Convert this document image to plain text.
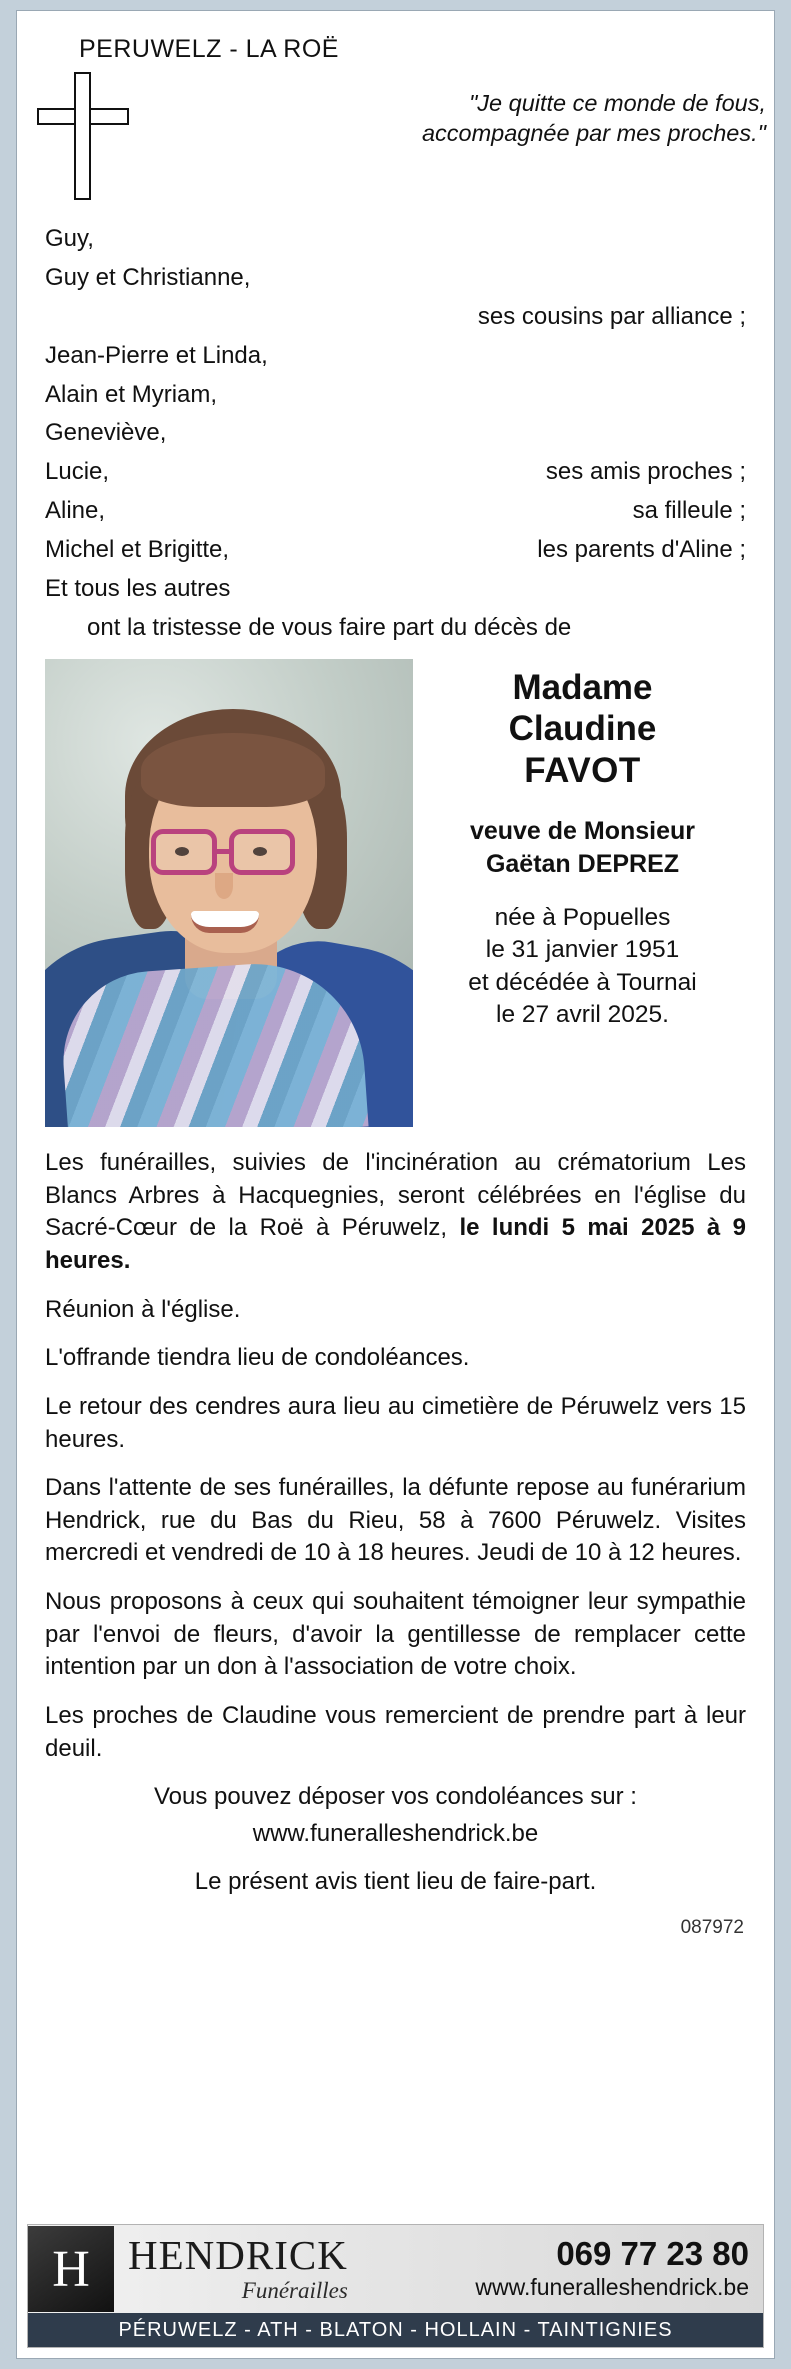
PERUWELZ - LA ROË
"Je quitte ce monde de fous,
accompagnée par mes proches."
Guy,
Guy et Christianne,
ses cousins par alliance ;
Jean-Pierre et Linda,
Alain et Myriam,
Geneviève,
Lucie,	ses amis proches ;
Aline,	sa filleule ;
Michel et Brigitte,	les parents d'Aline ;
Et tous les autres
ont la tristesse de vous faire part du décès de
Madame
Claudine
FAVOT
veuve de Monsieur
Gaëtan DEPREZ
née à Popuelles
le 31 janvier 1951
et décédée à Tournai
le 27 avril 2025.

Les funérailles, suivies de l'incinération au crématorium Les Blancs Arbres à Hacquegnies, seront célébrées en l'église du Sacré-Cœur de la Roë à Péruwelz, le lundi 5 mai 2025 à 9 heures.

Réunion à l'église.

L'offrande tiendra lieu de condoléances.

Le retour des cendres aura lieu au cimetière de Péruwelz vers 15 heures.

Dans l'attente de ses funérailles, la défunte repose au funérarium Hendrick, rue du Bas du Rieu, 58 à 7600 Péruwelz. Visites mercredi et vendredi de 10 à 18 heures. Jeudi de 10 à 12 heures.

Nous proposons à ceux qui souhaitent témoigner leur sympathie par l'envoi de fleurs, d'avoir la gentillesse de remplacer cette intention par un don à l'association de votre choix.

Les proches de Claudine vous remercient de prendre part à leur deuil.

Vous pouvez déposer vos condoléances sur :

www.funeralleshendrick.be

Le présent avis tient lieu de faire-part.

087972
H HENDRICK
Funérailles
069 77 23 80
www.funeralleshendrick.be
PÉRUWELZ - ATH - BLATON - HOLLAIN - TAINTIGNIES
